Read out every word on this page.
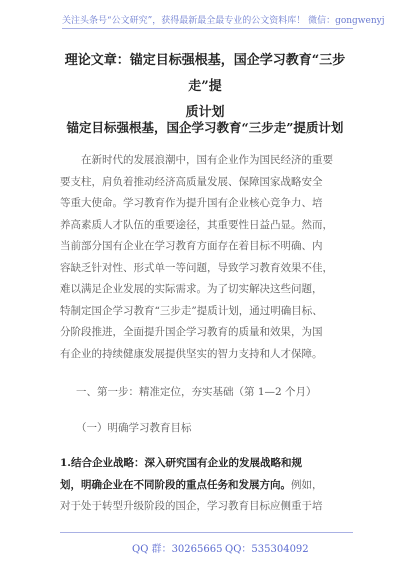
关注头条号“公文研究”，获得最新最全最专业的公文资料库！ 微信：gongwenyj
理论文章：锚定目标强根基，国企学习教育“三步走”提
质计划
锚定目标强根基，国企学习教育“三步走”提质计划
　　在新时代的发展浪潮中，国有企业作为国民经济的重要
要支柱，肩负着推动经济高质量发展、保障国家战略安全
等重大使命。学习教育作为提升国有企业核心竞争力、培
养高素质人才队伍的重要途径，其重要性日益凸显。然而，
当前部分国有企业在学习教育方面存在着目标不明确、内
容缺乏针对性、形式单一等问题，导致学习教育效果不佳，
难以满足企业发展的实际需求。为了切实解决这些问题，
特制定国企学习教育“三步走”提质计划，通过明确目标、
分阶段推进，全面提升国企学习教育的质量和效果，为国
有企业的持续健康发展提供坚实的智力支持和人才保障。
一、第一步：精准定位，夯实基础（第 1—2 个月）
（一）明确学习教育目标
1.结合企业战略：深入研究国有企业的发展战略和规
划，明确企业在不同阶段的重点任务和发展方向。例如，
对于处于转型升级阶段的国企，学习教育目标应侧重于培
QQ 群：30265665 QQ：535304092
